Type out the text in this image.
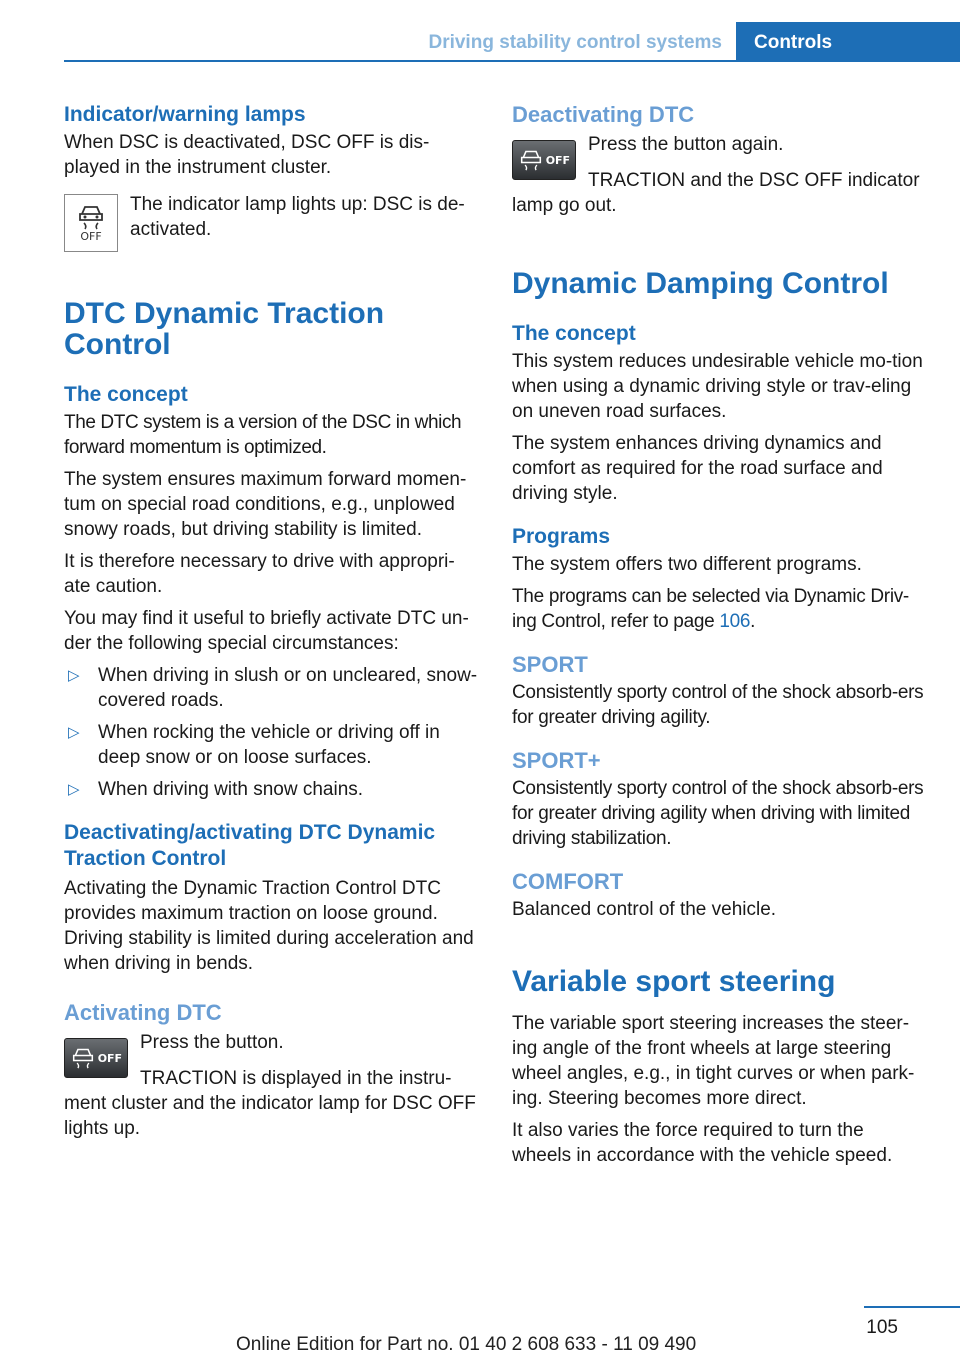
Driving stability control systems	Controls
Indicator/warning lamps

When DSC is deactivated, DSC OFF is dis-played in the instrument cluster.

OFF

The indicator lamp lights up: DSC is de-activated.

DTC Dynamic Traction Control
The concept

The DTC system is a version of the DSC in which forward momentum is optimized.

The system ensures maximum forward momen-tum on special road conditions, e.g., unplowed snowy roads, but driving stability is limited.

It is therefore necessary to drive with appropri-ate caution.

You may find it useful to briefly activate DTC un-der the following special circumstances:

▷ When driving in slush or on uncleared, snow-covered roads.
▷ When rocking the vehicle or driving off in deep snow or on loose surfaces.
▷ When driving with snow chains.
Deactivating/activating DTC Dynamic Traction Control

Activating the Dynamic Traction Control DTC provides maximum traction on loose ground. Driving stability is limited during acceleration and when driving in bends.

Activating DTC
OFF

Press the button.

TRACTION is displayed in the instru-ment cluster and the indicator lamp for DSC OFF lights up.

Deactivating DTC
OFF

Press the button again.

TRACTION and the DSC OFF indicator lamp go out.

Dynamic Damping Control
The concept

This system reduces undesirable vehicle mo-tion when using a dynamic driving style or trav-eling on uneven road surfaces.

The system enhances driving dynamics and comfort as required for the road surface and driving style.

Programs

The system offers two different programs.

The programs can be selected via Dynamic Driv-ing Control, refer to page 106.

SPORT

Consistently sporty control of the shock absorb-ers for greater driving agility.

SPORT+

Consistently sporty control of the shock absorb-ers for greater driving agility when driving with limited driving stabilization.

COMFORT

Balanced control of the vehicle.

Variable sport steering

The variable sport steering increases the steer-ing angle of the front wheels at large steering wheel angles, e.g., in tight curves or when park-ing. Steering becomes more direct.

It also varies the force required to turn the wheels in accordance with the vehicle speed.

105
Online Edition for Part no. 01 40 2 608 633 - 11 09 490
